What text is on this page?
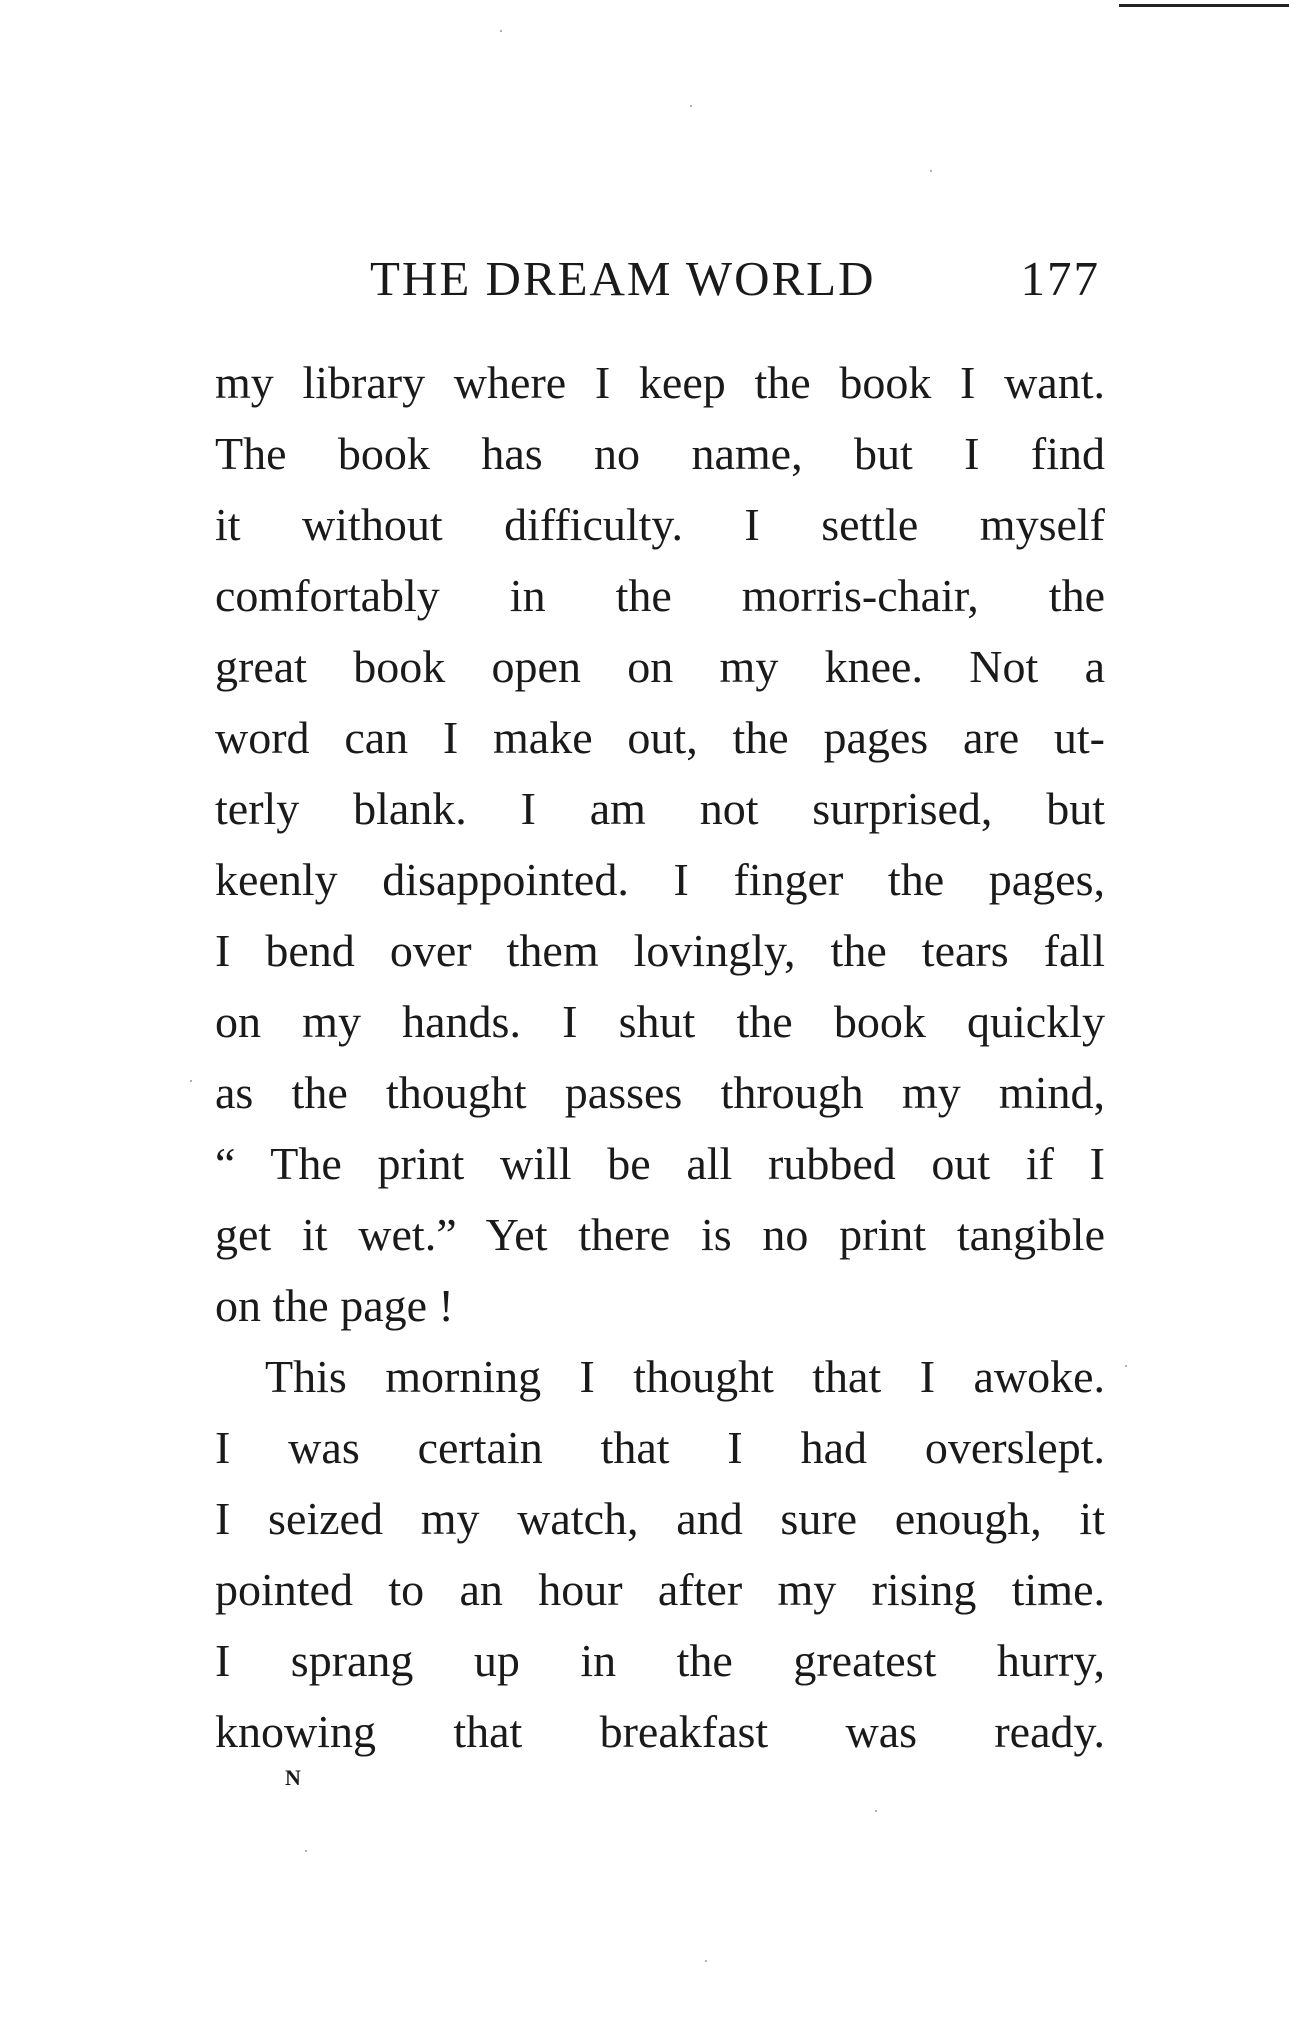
THE DREAM WORLD	177
my library where I keep the book I want.
The book has no name, but I find
it without difficulty. I settle myself
comfortably in the morris-chair, the
great book open on my knee. Not a
word can I make out, the pages are ut-
terly blank. I am not surprised, but
keenly disappointed. I finger the pages,
I bend over them lovingly, the tears fall
on my hands. I shut the book quickly
as the thought passes through my mind,
“ The print will be all rubbed out if I
get it wet.” Yet there is no print tangible
on the page !
This morning I thought that I awoke.
I was certain that I had overslept.
I seized my watch, and sure enough, it
pointed to an hour after my rising time.
I sprang up in the greatest hurry,
knowing that breakfast was ready.
N
